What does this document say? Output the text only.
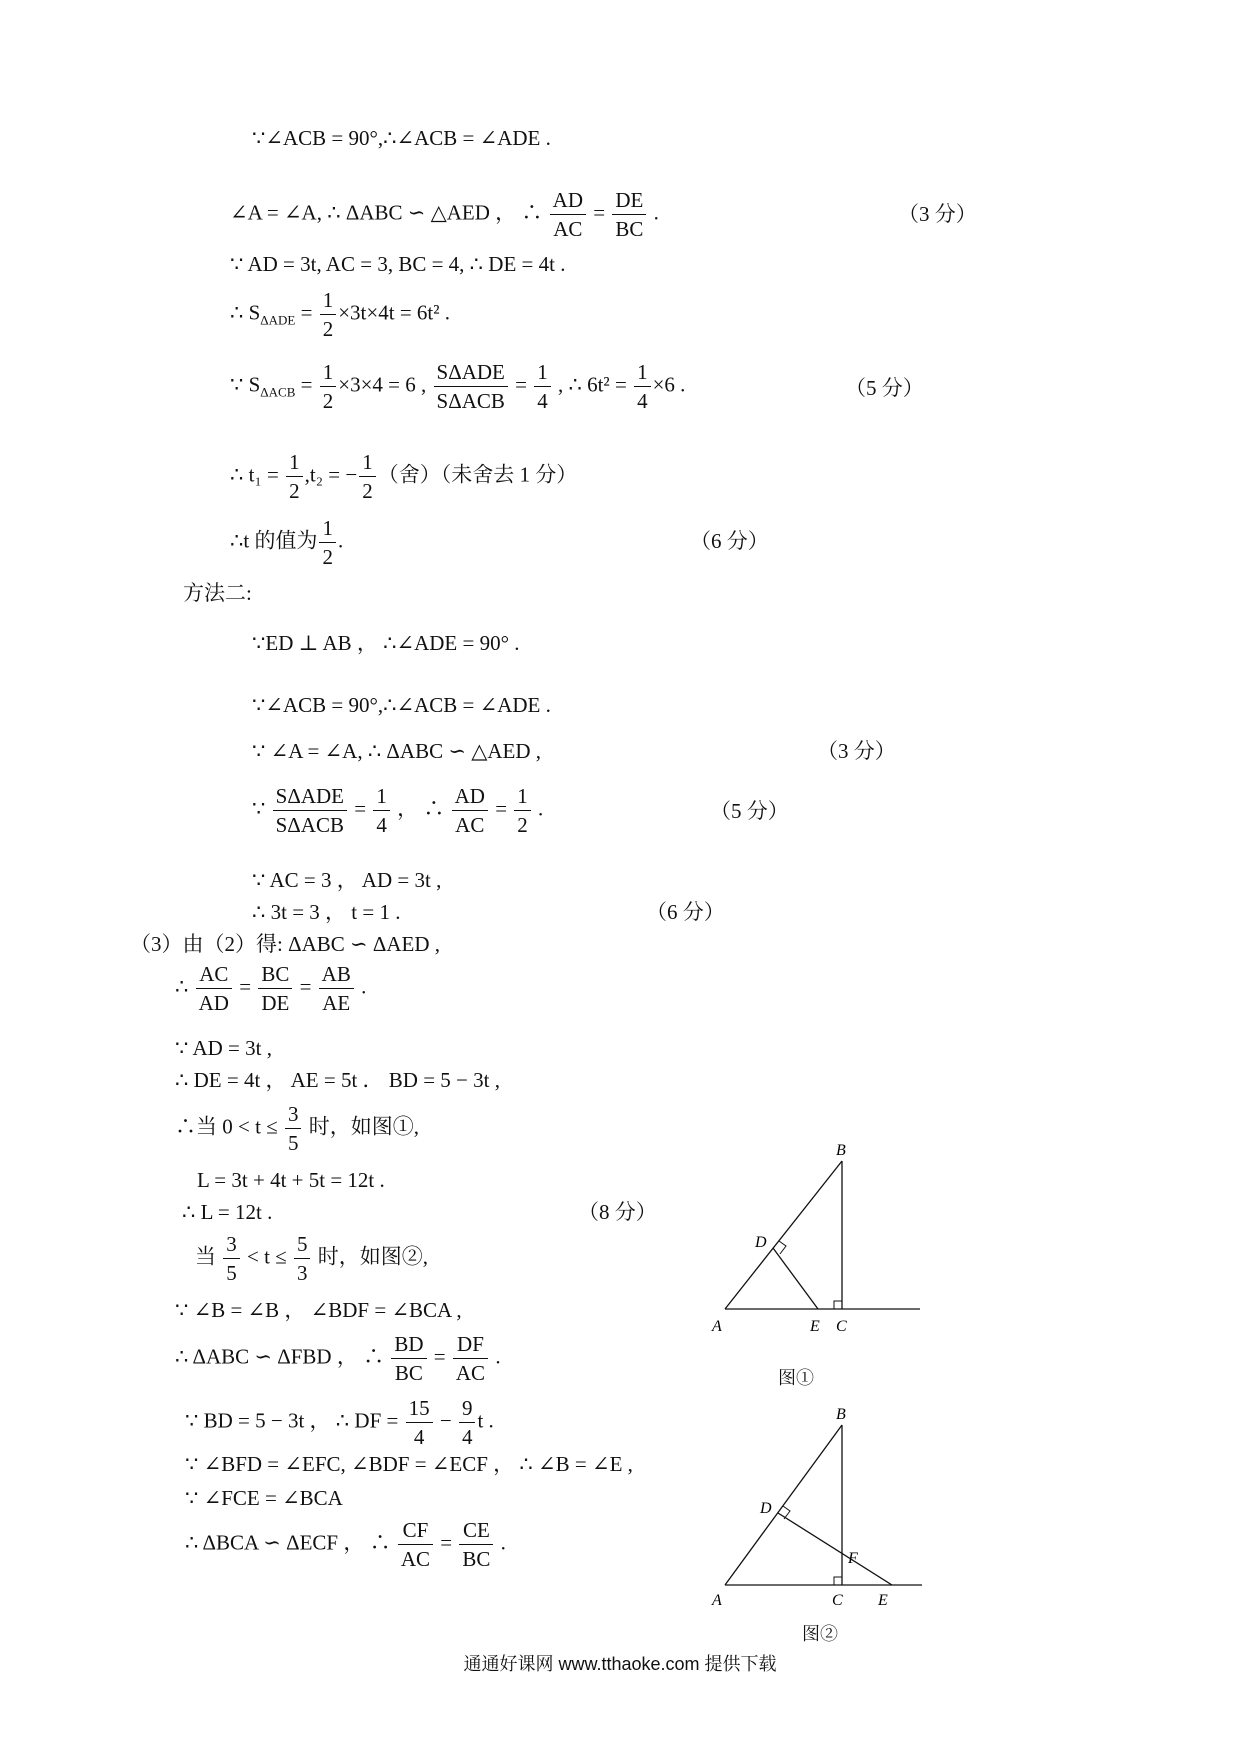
∵∠ACB = 90°,∴∠ACB = ∠ADE .
∠A = ∠A, ∴ ΔABC ∽ △AED ， ∴ $\frac{AD}{AC} = \frac{DE}{BC}$ .	（3 分）
∵ AD = 3t, AC = 3, BC = 4, ∴ DE = 4t .
∴ $S_{\Delta ADE} = \frac{1}{2} \times 3t\times 4t = 6t^2$ .
∵ $S_{\Delta ACB} = \frac{1}{2} \times 3\times 4 = 6$ ,
SΔADE
SΔACB
= $\frac{1}{4}$ , ∴ $6t^2 = \frac{1}{4} \times 6$ .	（5 分）
∴ $t_1 = \frac{1}{2} ,t_2$ = − $\frac{1}{2}$ （舍）（未舍去 1 分）
∴t 的值为 $\frac{1}{2}$ .	（6 分）
方法二:
∵ED ⊥ AB ， ∴∠ADE = 90° .
∵∠ACB = 90°,∴∠ACB = ∠ADE .
∵ ∠A = ∠A, ∴ ΔABC ∽ △AED ,	（3 分）
∵
SΔADE
SΔACB
= $\frac{1}{4}$ ， ∴ $\frac{AD}{AC} = \frac{1}{2}$ .	（5 分）
∵ AC = 3 ， AD = 3t ,
∴ 3t = 3 ， t = 1 .	（6 分）
（3）由（2）得: ΔABC ∽ ΔAED ,
∴ $\frac{AC}{AD} = \frac{BC}{DE} = \frac{AB}{AE}$ .
∵ AD = 3t ,
∴ DE = 4t ， AE = 5t ． BD = 5 − 3t ,
∴当 $0 < t \le \frac{3}{5}$ 时，如图①,
L = 3t + 4t + 5t = 12t .
∴ L = 12t .	（8 分）
当 $\frac{3}{5} < t \le \frac{5}{3}$ 时，如图②,
∵ ∠B = ∠B ， ∠BDF = ∠BCA ,
∴ ΔABC ∽ ΔFBD ， ∴ $\frac{BD}{BC} = \frac{DF}{AC}$ .
∵ BD = 5 − 3t ， ∴ DF = $\frac{15}{4} - \frac{9}{4}$ t .
∵ ∠BFD = ∠EFC, ∠BDF = ∠ECF ， ∴ ∠B = ∠E ,
∵ ∠FCE = ∠BCA
∴ ΔBCA ∽ ΔECF ， ∴ $\frac{CF}{AC} = \frac{CE}{BC}$ .
B
D
A	E C
图①
B
D
F
A	C E
图②
通通好课网 www.tthaoke.com 提供下载
